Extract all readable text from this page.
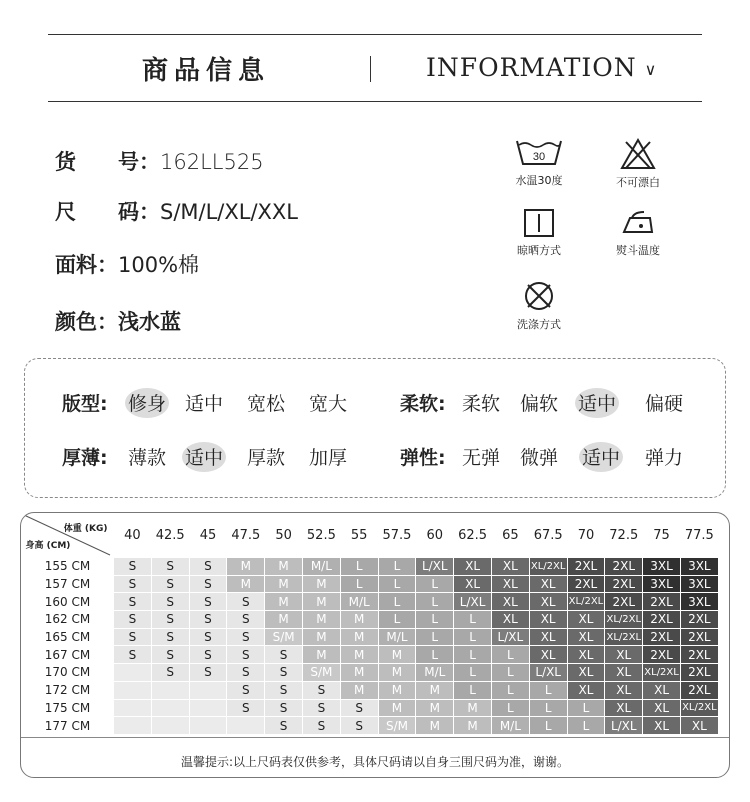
商品信息	INFORMATION ∨
货　　号：162LL525
尺　　码：S/M/L/XL/XXL
面料：100%棉
颜色：浅水蓝
30
水温30度	不可漂白
晾晒方式	熨斗温度
洗涤方式
版型: 修身 适中 宽松 宽大	柔软: 柔软 偏软 适中 偏硬
厚薄: 薄款 适中 厚款 加厚	弹性: 无弹 微弹 适中 弹力
体重 (KG)
身高 (CM)	40	42.5	45	47.5	50	52.5	55	57.5	60	62.5	65	67.5	70	72.5	75	77.5
155 CM	S	S	S	M	M	M/L	L	L	L/XL	XL	XL	XL/2XL	2XL	2XL	3XL	3XL
157 CM	S	S	S	M	M	M	L	L	L	XL	XL	XL	2XL	2XL	3XL	3XL
160 CM	S	S	S	S	M	M	M/L	L	L	L/XL	XL	XL	XL/2XL	2XL	2XL	3XL
162 CM	S	S	S	S	M	M	M	L	L	L	XL	XL	XL	XL/2XL	2XL	2XL
165 CM	S	S	S	S	S/M	M	M	M/L	L	L	L/XL	XL	XL	XL/2XL	2XL	2XL
167 CM	S	S	S	S	S	M	M	M	L	L	L	XL	XL	XL	2XL	2XL
170 CM		S	S	S	S	S/M	M	M	M/L	L	L	L/XL	XL	XL	XL/2XL	2XL
172 CM				S	S	S	M	M	M	L	L	L	XL	XL	XL	2XL
175 CM				S	S	S	S	M	M	M	L	L	L	XL	XL	XL/2XL
177 CM					S	S	S	S/M	M	M	M/L	L	L	L/XL	XL	XL
温馨提示:以上尺码表仅供参考，具体尺码请以自身三围尺码为准，谢谢。
